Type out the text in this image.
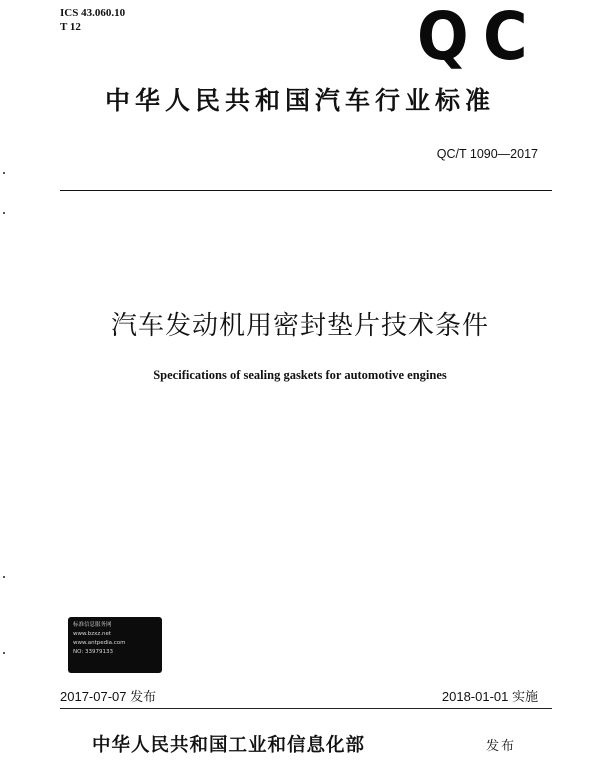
ICS 43.060.10
T 12	Q C
中华人民共和国汽车行业标准
QC/T 1090—2017
汽车发动机用密封垫片技术条件
Specifications of sealing gaskets for automotive engines
标准信息服务网
www.bzxz.net
www.antpedia.com
NO: 33979133
2017-07-07 发布	2018-01-01 实施
中华人民共和国工业和信息化部	发布
